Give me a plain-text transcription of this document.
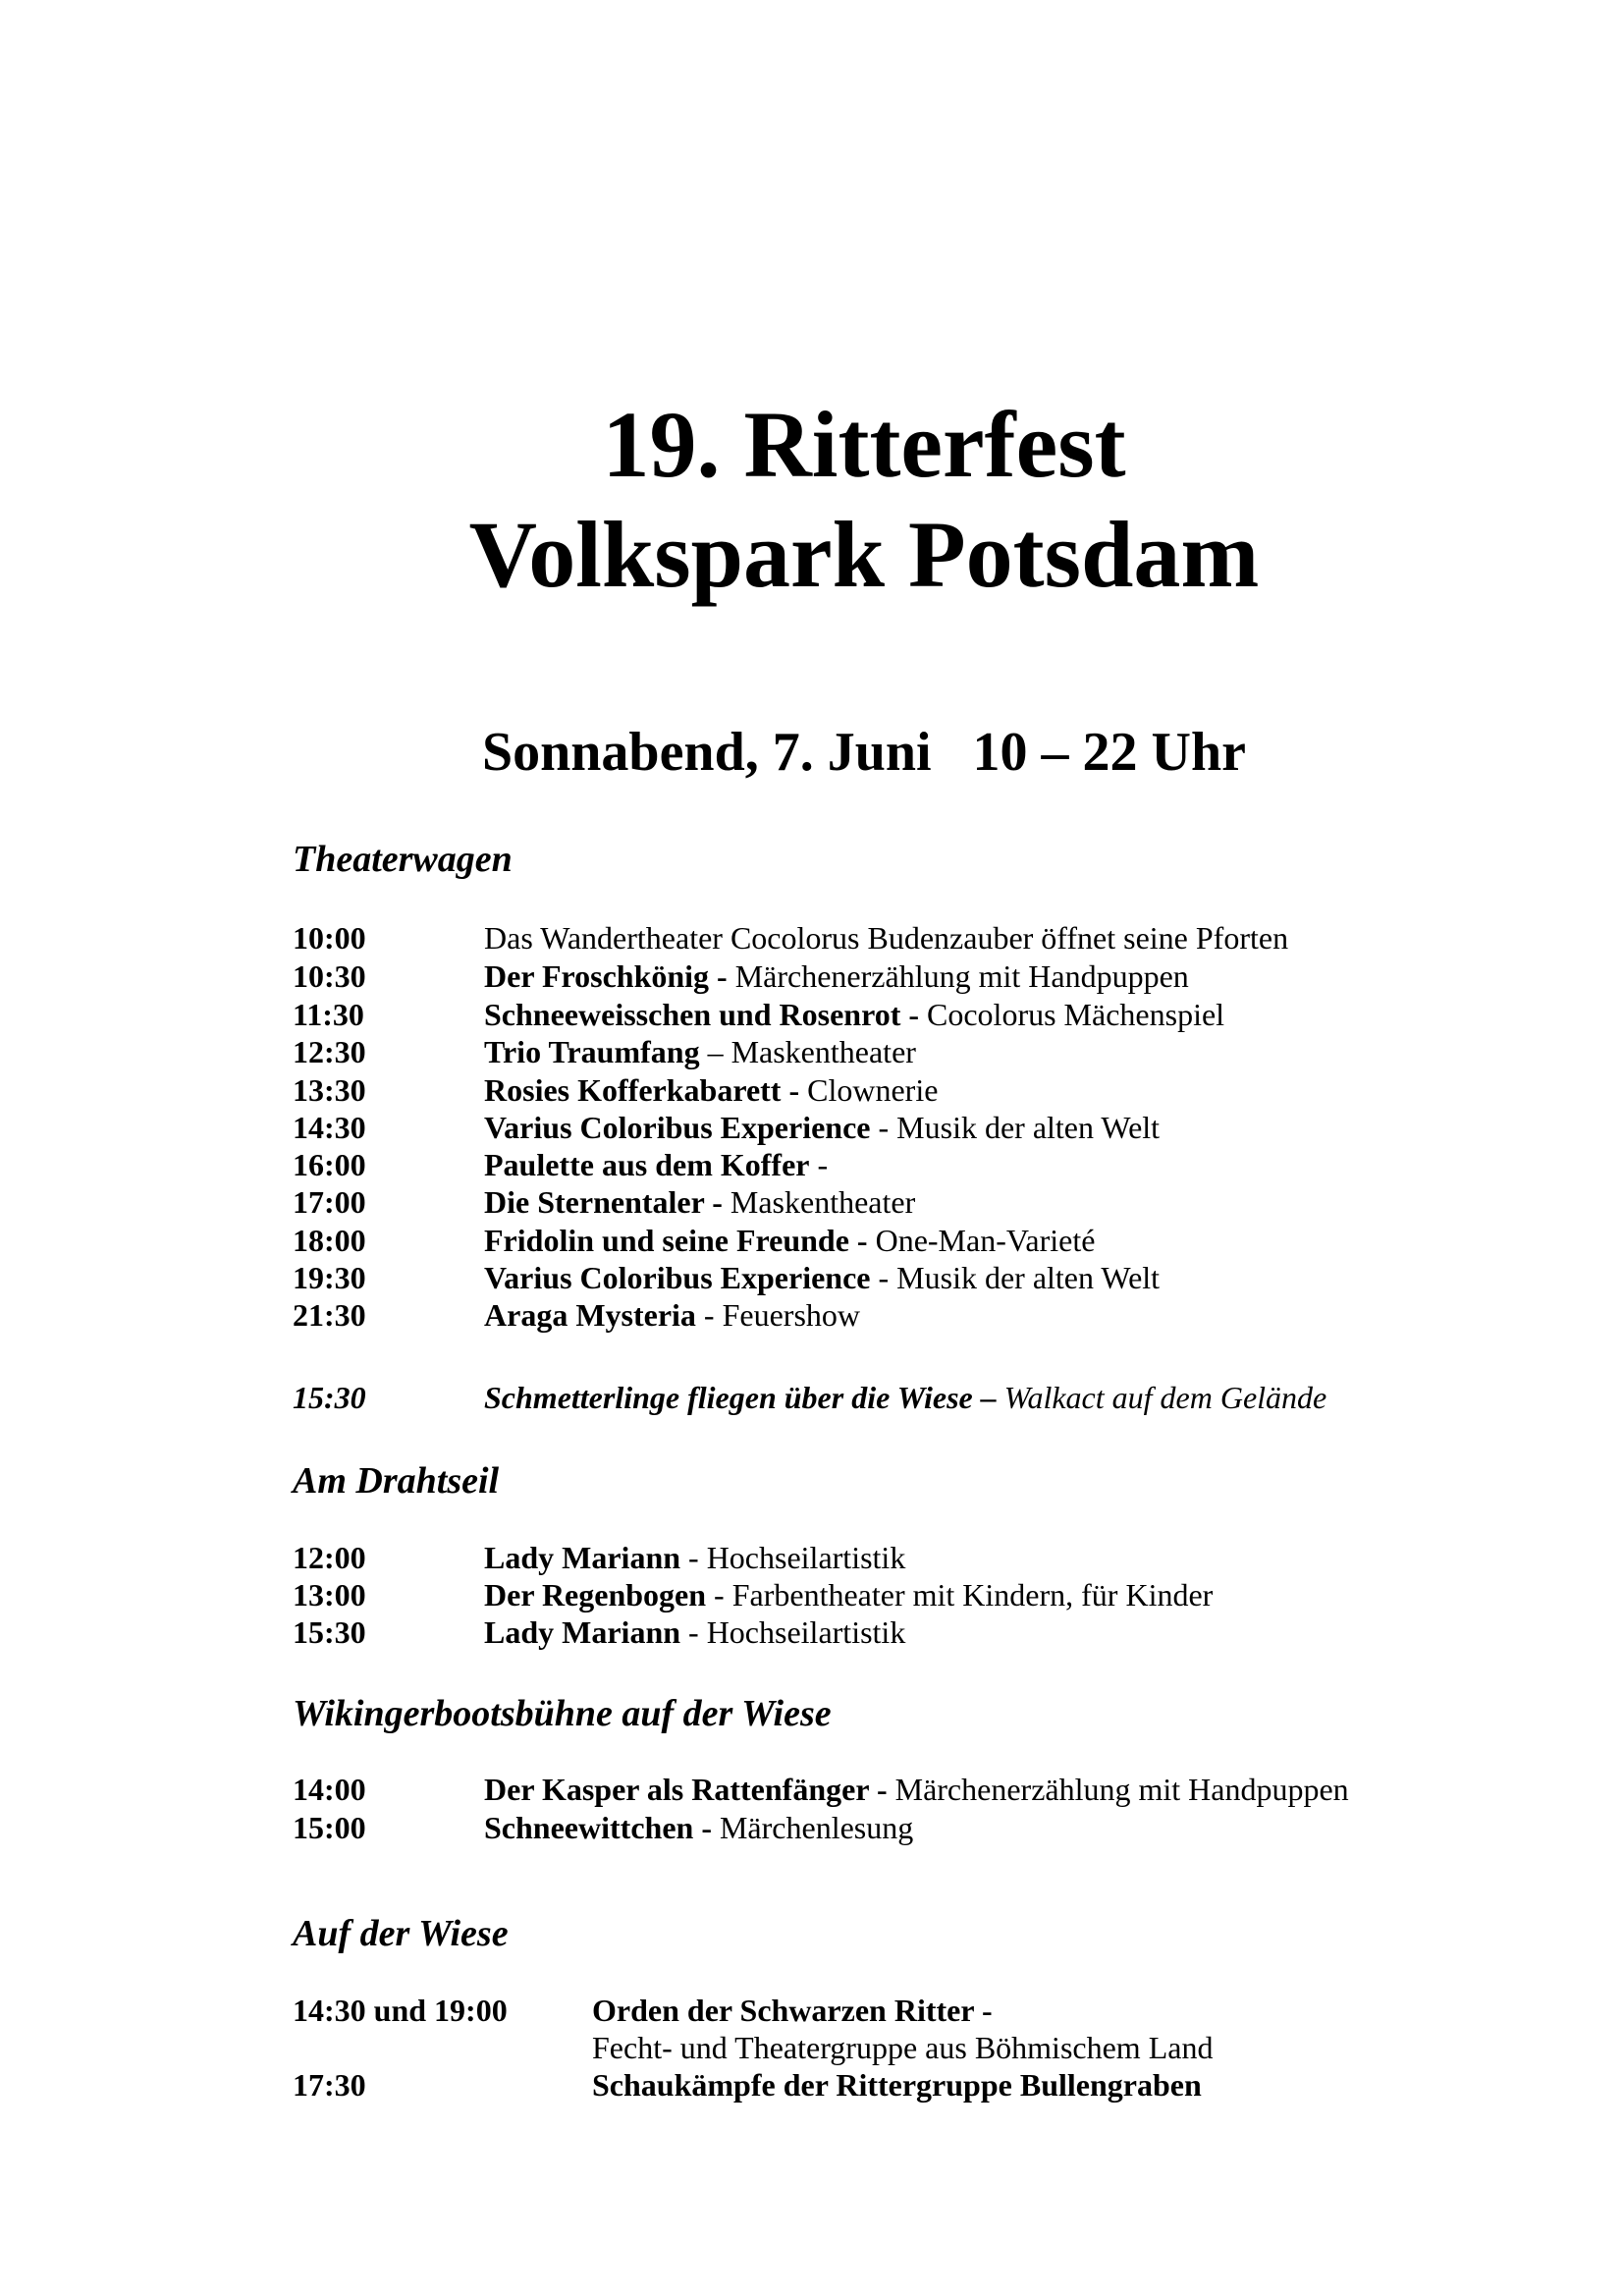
19. Ritterfest
Volkspark Potsdam
Sonnabend, 7. Juni   10 – 22 Uhr
Theaterwagen
10:00	Das Wandertheater Cocolorus Budenzauber öffnet seine Pforten
10:30	Der Froschkönig - Märchenerzählung mit Handpuppen
11:30	Schneeweisschen und Rosenrot - Cocolorus Mächenspiel
12:30	Trio Traumfang – Maskentheater
13:30	Rosies Kofferkabarett - Clownerie
14:30	Varius Coloribus Experience - Musik der alten Welt
16:00	Paulette aus dem Koffer -
17:00	Die Sternentaler - Maskentheater
18:00	Fridolin und seine Freunde - One-Man-Varieté
19:30	Varius Coloribus Experience - Musik der alten Welt
21:30	Araga Mysteria - Feuershow
15:30	Schmetterlinge fliegen über die Wiese – Walkact auf dem Gelände
Am Drahtseil
12:00	Lady Mariann - Hochseilartistik
13:00	Der Regenbogen - Farbentheater mit Kindern, für Kinder
15:30	Lady Mariann - Hochseilartistik
Wikingerbootsbühne auf der Wiese
14:00	Der Kasper als Rattenfänger - Märchenerzählung mit Handpuppen
15:00	Schneewittchen - Märchenlesung
Auf der Wiese
14:30 und 19:00	Orden der Schwarzen Ritter -
Fecht- und Theatergruppe aus Böhmischem Land
17:30	Schaukämpfe der Rittergruppe Bullengraben
